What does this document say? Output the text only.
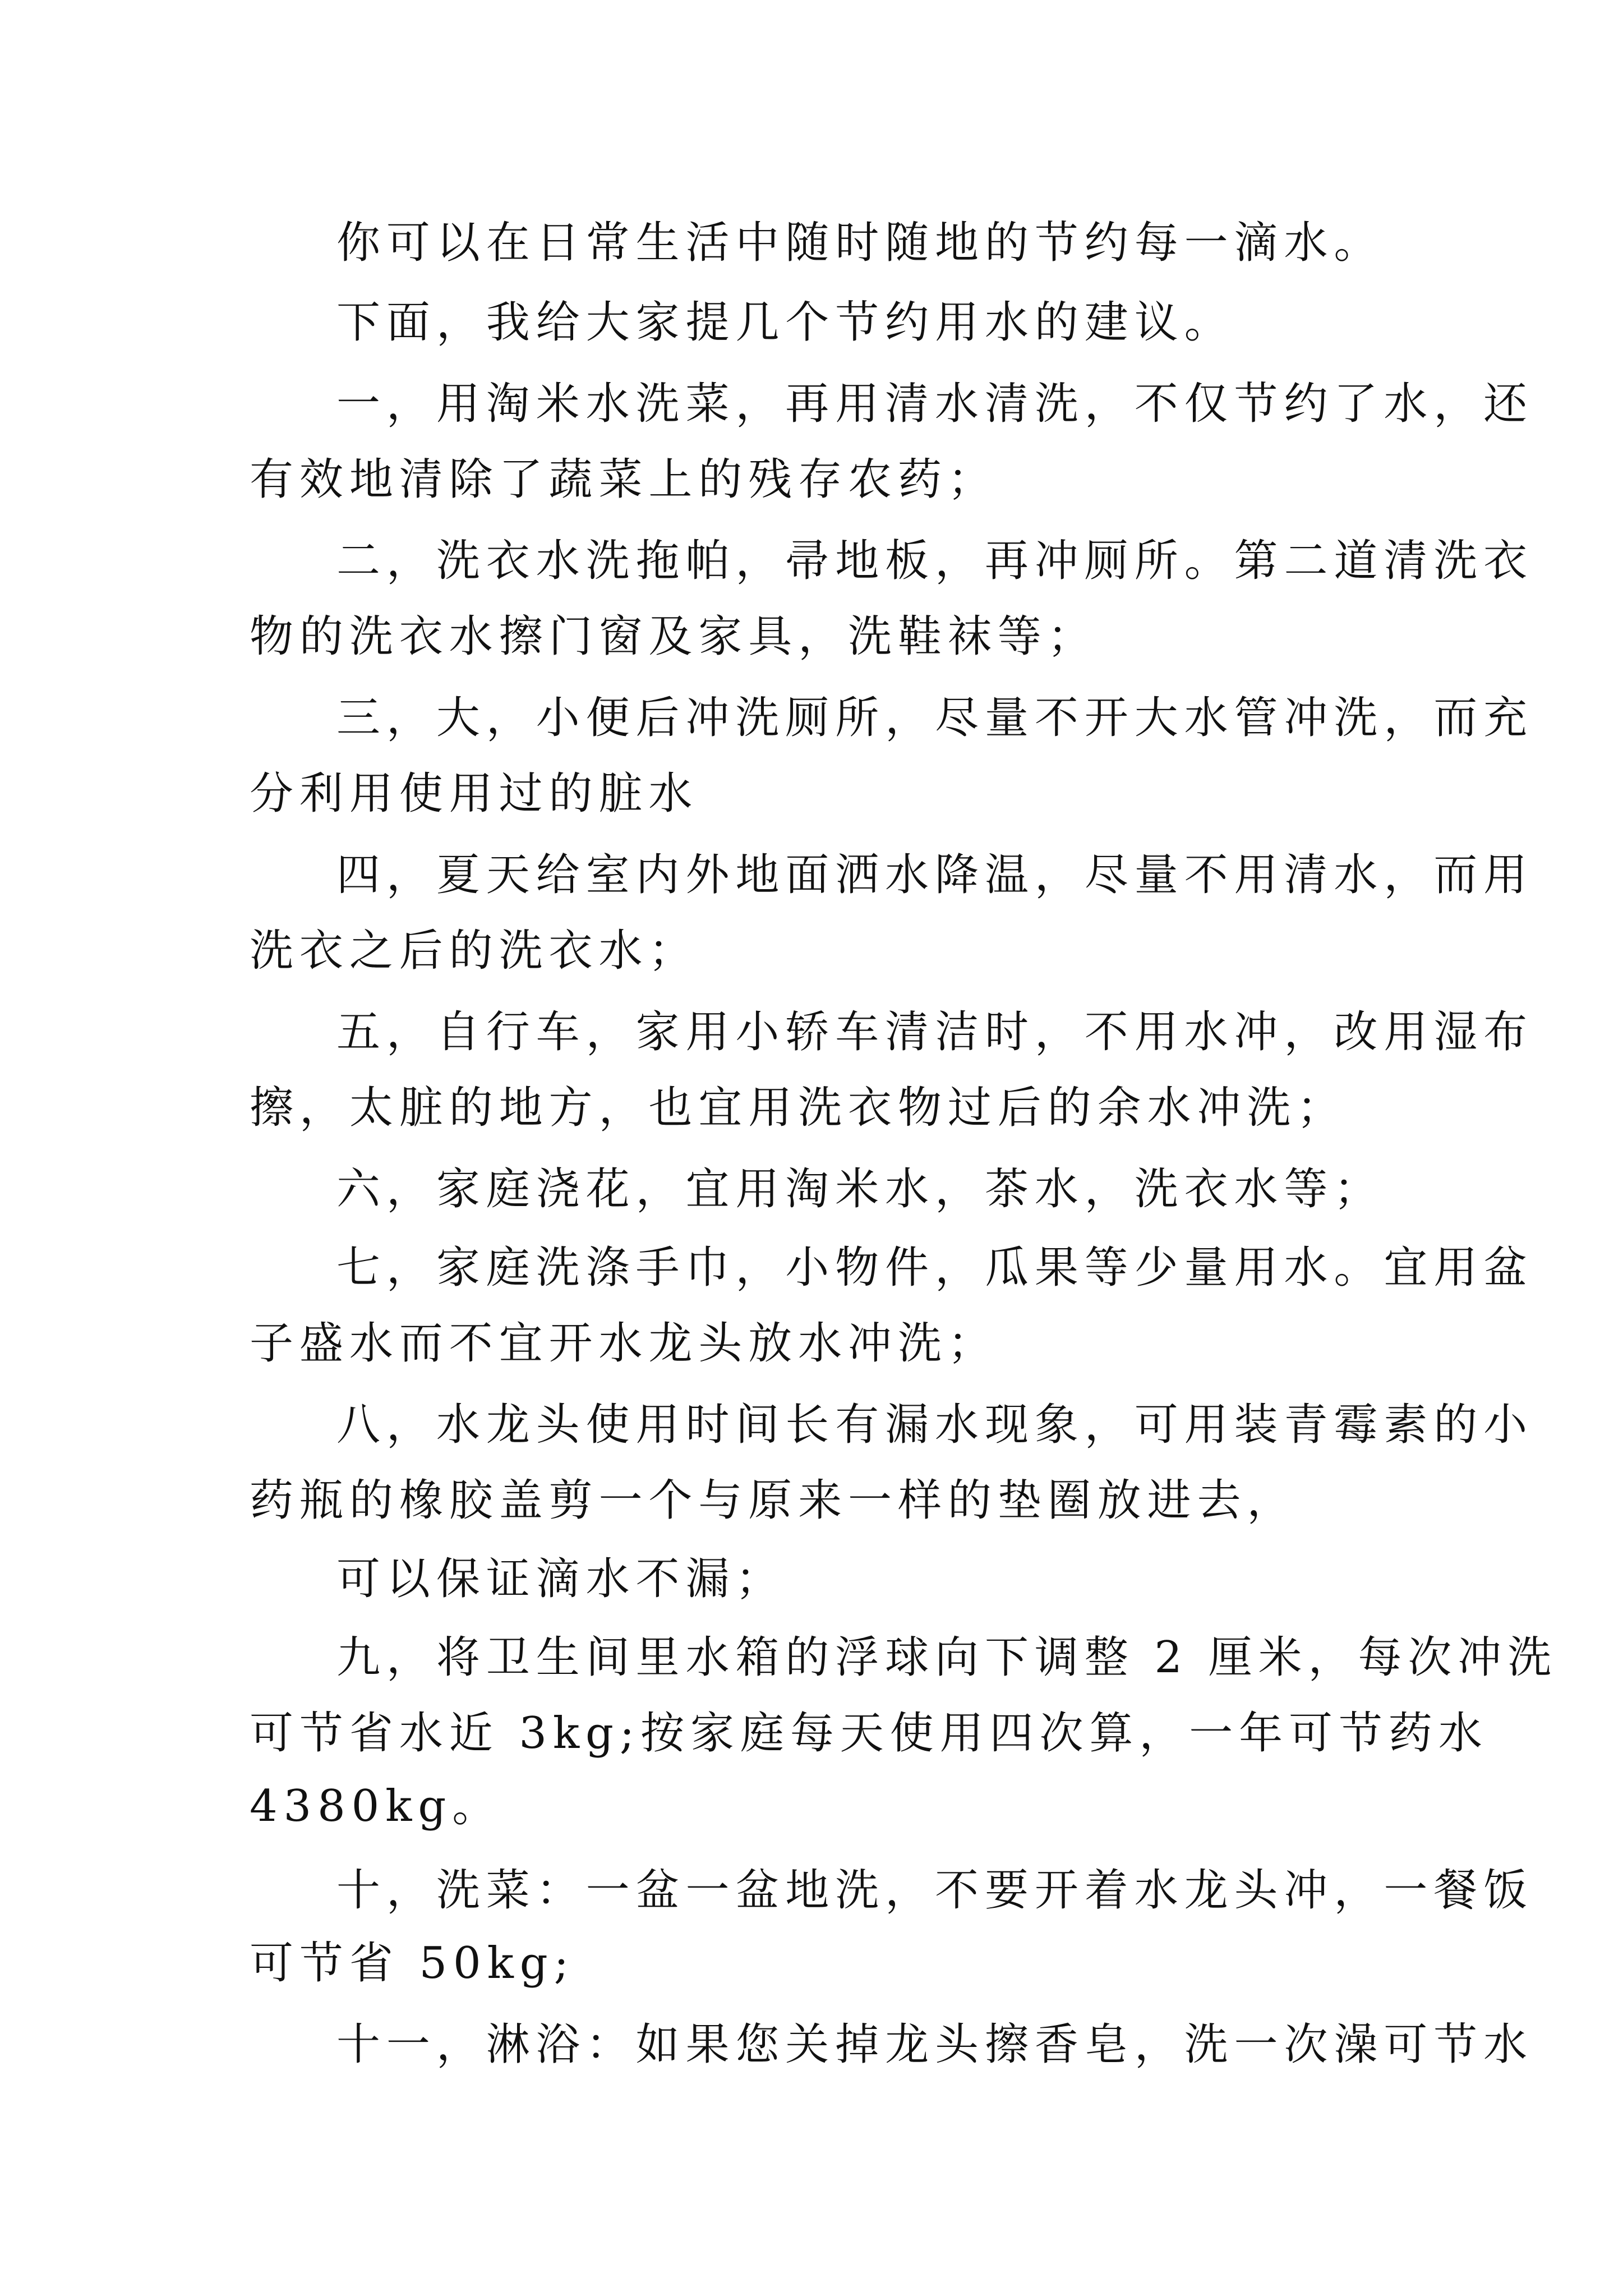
你可以在日常生活中随时随地的节约每一滴水。
下面，我给大家提几个节约用水的建议。
一，用淘米水洗菜，再用清水清洗，不仅节约了水，还
有效地清除了蔬菜上的残存农药；
二，洗衣水洗拖帕，帚地板，再冲厕所。第二道清洗衣
物的洗衣水擦门窗及家具，洗鞋袜等；
三，大，小便后冲洗厕所，尽量不开大水管冲洗，而充
分利用使用过的脏水
四，夏天给室内外地面洒水降温，尽量不用清水，而用
洗衣之后的洗衣水；
五，自行车，家用小轿车清洁时，不用水冲，改用湿布
擦，太脏的地方，也宜用洗衣物过后的余水冲洗；
六，家庭浇花，宜用淘米水，茶水，洗衣水等；
七，家庭洗涤手巾，小物件，瓜果等少量用水。宜用盆
子盛水而不宜开水龙头放水冲洗；
八，水龙头使用时间长有漏水现象，可用装青霉素的小
药瓶的橡胶盖剪一个与原来一样的垫圈放进去，
可以保证滴水不漏；
九，将卫生间里水箱的浮球向下调整 2 厘米，每次冲洗
可节省水近 3kg;按家庭每天使用四次算，一年可节药水
4380kg。
十，洗菜：一盆一盆地洗，不要开着水龙头冲，一餐饭
可节省 50kg;
十一，淋浴：如果您关掉龙头擦香皂，洗一次澡可节水
